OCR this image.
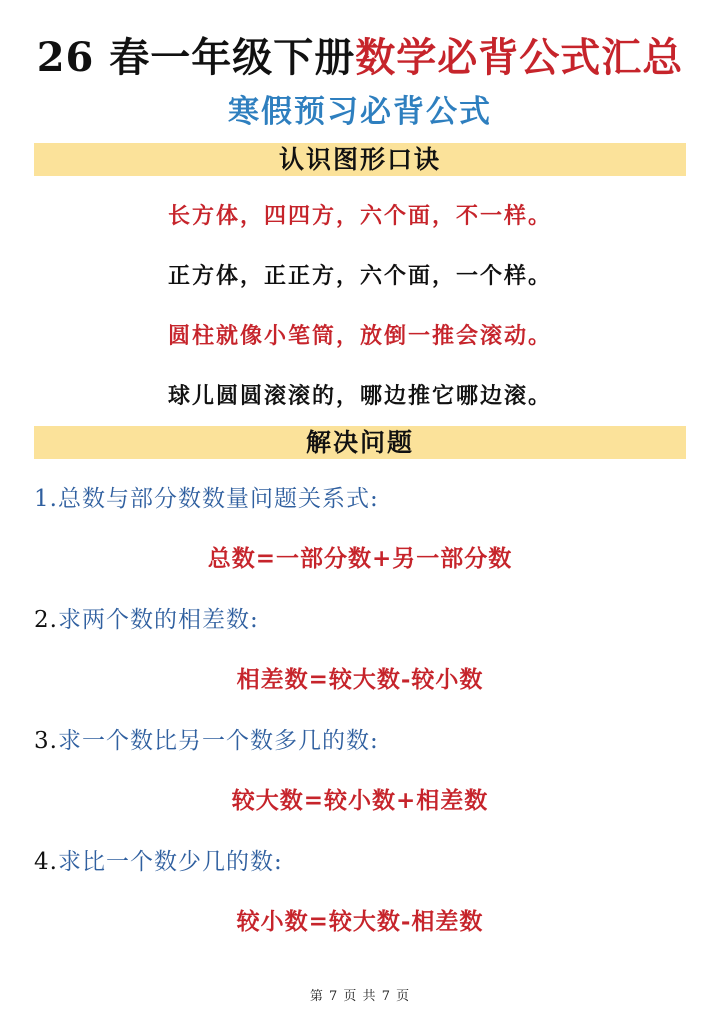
26 春一年级下册数学必背公式汇总
寒假预习必背公式
认识图形口诀
长方体，四四方，六个面，不一样。
正方体，正正方，六个面，一个样。
圆柱就像小笔筒，放倒一推会滚动。
球儿圆圆滚滚的，哪边推它哪边滚。
解决问题
1.总数与部分数数量问题关系式:
总数=一部分数+另一部分数
2.求两个数的相差数:
相差数=较大数-较小数
3.求一个数比另一个数多几的数:
较大数=较小数+相差数
4.求比一个数少几的数:
较小数=较大数-相差数
第 7 页 共 7 页
